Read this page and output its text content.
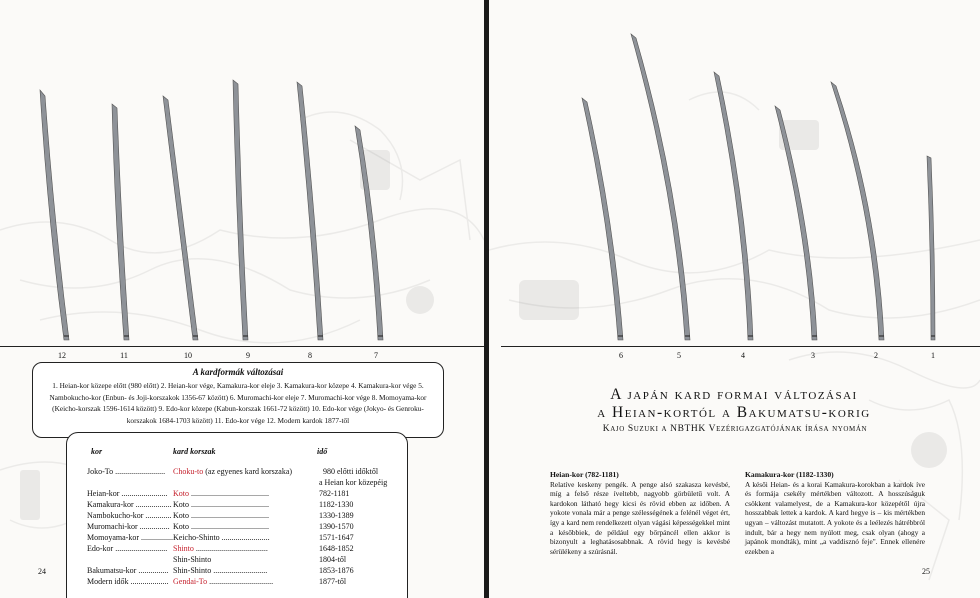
12	11	10	9	8	7
A kardformák változásai
1. Heian-kor közepe előtt (980 előtt) 2. Heian-kor vége, Kamakura-kor eleje 3. Kamakura-kor közepe 4. Kamakura-kor vége 5. Nambokucho-kor (Enbun- és Joji-korszakok 1356-67 között) 6. Muromachi-kor eleje 7. Muromachi-kor vége 8. Momoyama-kor (Keicho-korszak 1596-1614 között) 9. Edo-kor közepe (Kabun-korszak 1661-72 között) 10. Edo-kor vége (Jokyo- és Genroku-korszakok 1684-1703 között) 11. Edo-kor vége 12. Modern kardok 1877-től
kor	kard korszak	idő
Joko-To ......................... Choku-to (az egyenes kard korszaka)	980 előtti időktől
a Heian kor közepéig
Heian-kor ....................... Koto .......................................	782-1181
Kamakura-kor .................. Koto .......................................	1182-1330
Nambokucho-kor ............. Koto .......................................	1330-1389
Muromachi-kor ............... Koto .......................................	1390-1570
Momoyama-kor ................ Keicho-Shinto ........................	1571-1647
Edo-kor .......................... Shinto ....................................	1648-1852
Shin-Shinto	1804-től
Bakumatsu-kor ............... Shin-Shinto ...........................	1853-1876
Modern idők ................... Gendai-To ................................	1877-től
24
6	5	4	3	2	1
25
A japán kard formai változásai
a Heian-kortól a Bakumatsu-korig
Kajo Suzuki a NBTHK Vezérigazgatójának írása nyomán
Heian-kor (782-1181)
Relatíve keskeny pengék. A penge alsó szakasza kevésbé, míg a felső része íveltebb, nagyobb görbületű volt. A kardokon látható hegy kicsi és rövid ebben az időben. A yokote vonala már a penge szélességének a felénél véget ért, így a kard nem rendelkezett olyan vágási képességekkel mint a későbbiek, de például egy bőrpáncél ellen akkor is bizonyult a leghatásosabbnak. A rövid hegy is kevésbé sérülékeny a szúrásnál.
Kamakura-kor (1182-1330)
A késői Heian- és a korai Kamakura-korokban a kardok íve és formája csekély mértékben változott. A hosszúságuk csökkent valamelyest, de a Kamakura-kor közepétől újra hosszabbak lettek a kardok. A kard hegye is – kis mértékben ugyan – változást mutatott. A yokote és a leélezés hátrébbról indult, bár a hegy nem nyúlott meg, csak olyan (ahogy a japánok mondták), mint „a vaddisznó feje". Ennek ellenére ezekben a
